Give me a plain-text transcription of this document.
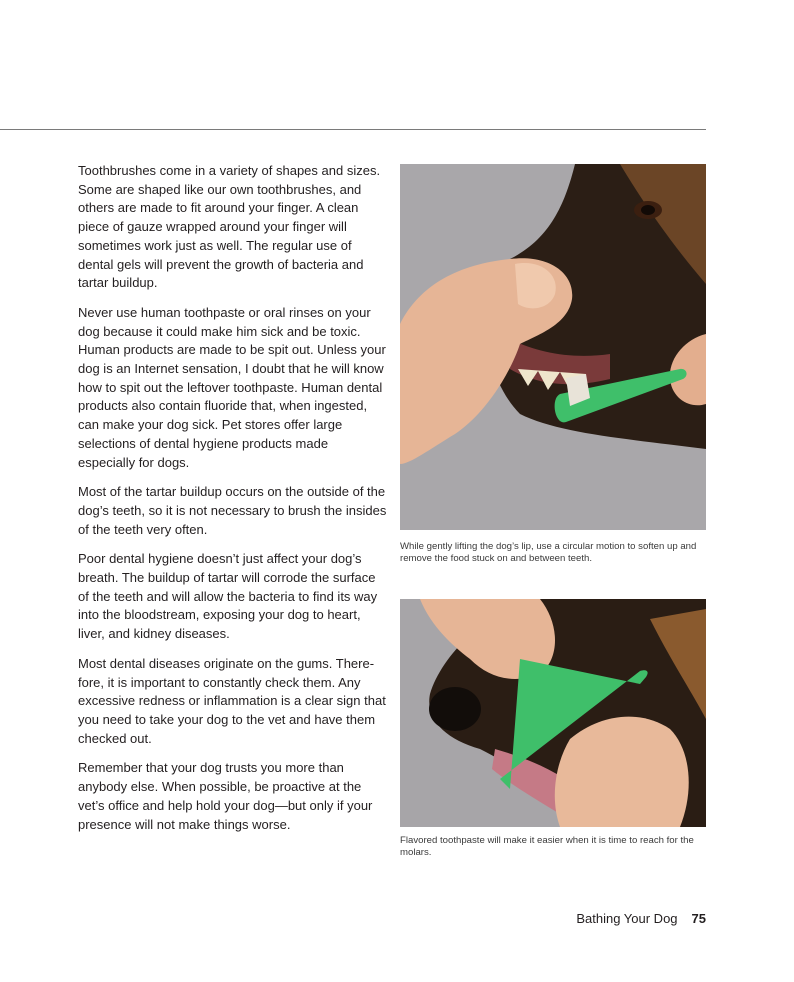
Toothbrushes come in a variety of shapes and sizes. Some are shaped like our own toothbrushes, and others are made to fit around your finger. A clean piece of gauze wrapped around your finger will sometimes work just as well. The regular use of dental gels will prevent the growth of bacteria and tartar buildup.

Never use human toothpaste or oral rinses on your dog because it could make him sick and be toxic. Human products are made to be spit out. Unless your dog is an Internet sensation, I doubt that he will know how to spit out the leftover toothpaste. Human dental products also contain fluoride that, when ingested, can make your dog sick. Pet stores offer large selections of dental hygiene products made especially for dogs.

Most of the tartar buildup occurs on the outside of the dog’s teeth, so it is not necessary to brush the insides of the teeth very often.

Poor dental hygiene doesn’t just affect your dog’s breath. The buildup of tartar will corrode the surface of the teeth and will allow the bacteria to find its way into the bloodstream, exposing your dog to heart, liver, and kidney diseases.

Most dental diseases originate on the gums. There-fore, it is important to constantly check them. Any excessive redness or inflammation is a clear sign that you need to take your dog to the vet and have them checked out.

Remember that your dog trusts you more than anybody else. When possible, be proactive at the vet’s office and help hold your dog—but only if your presence will not make things worse.

While gently lifting the dog’s lip, use a circular motion to soften up and remove the food stuck on and between teeth.
Flavored toothpaste will make it easier when it is time to reach for the molars.
Bathing Your Dog 75
